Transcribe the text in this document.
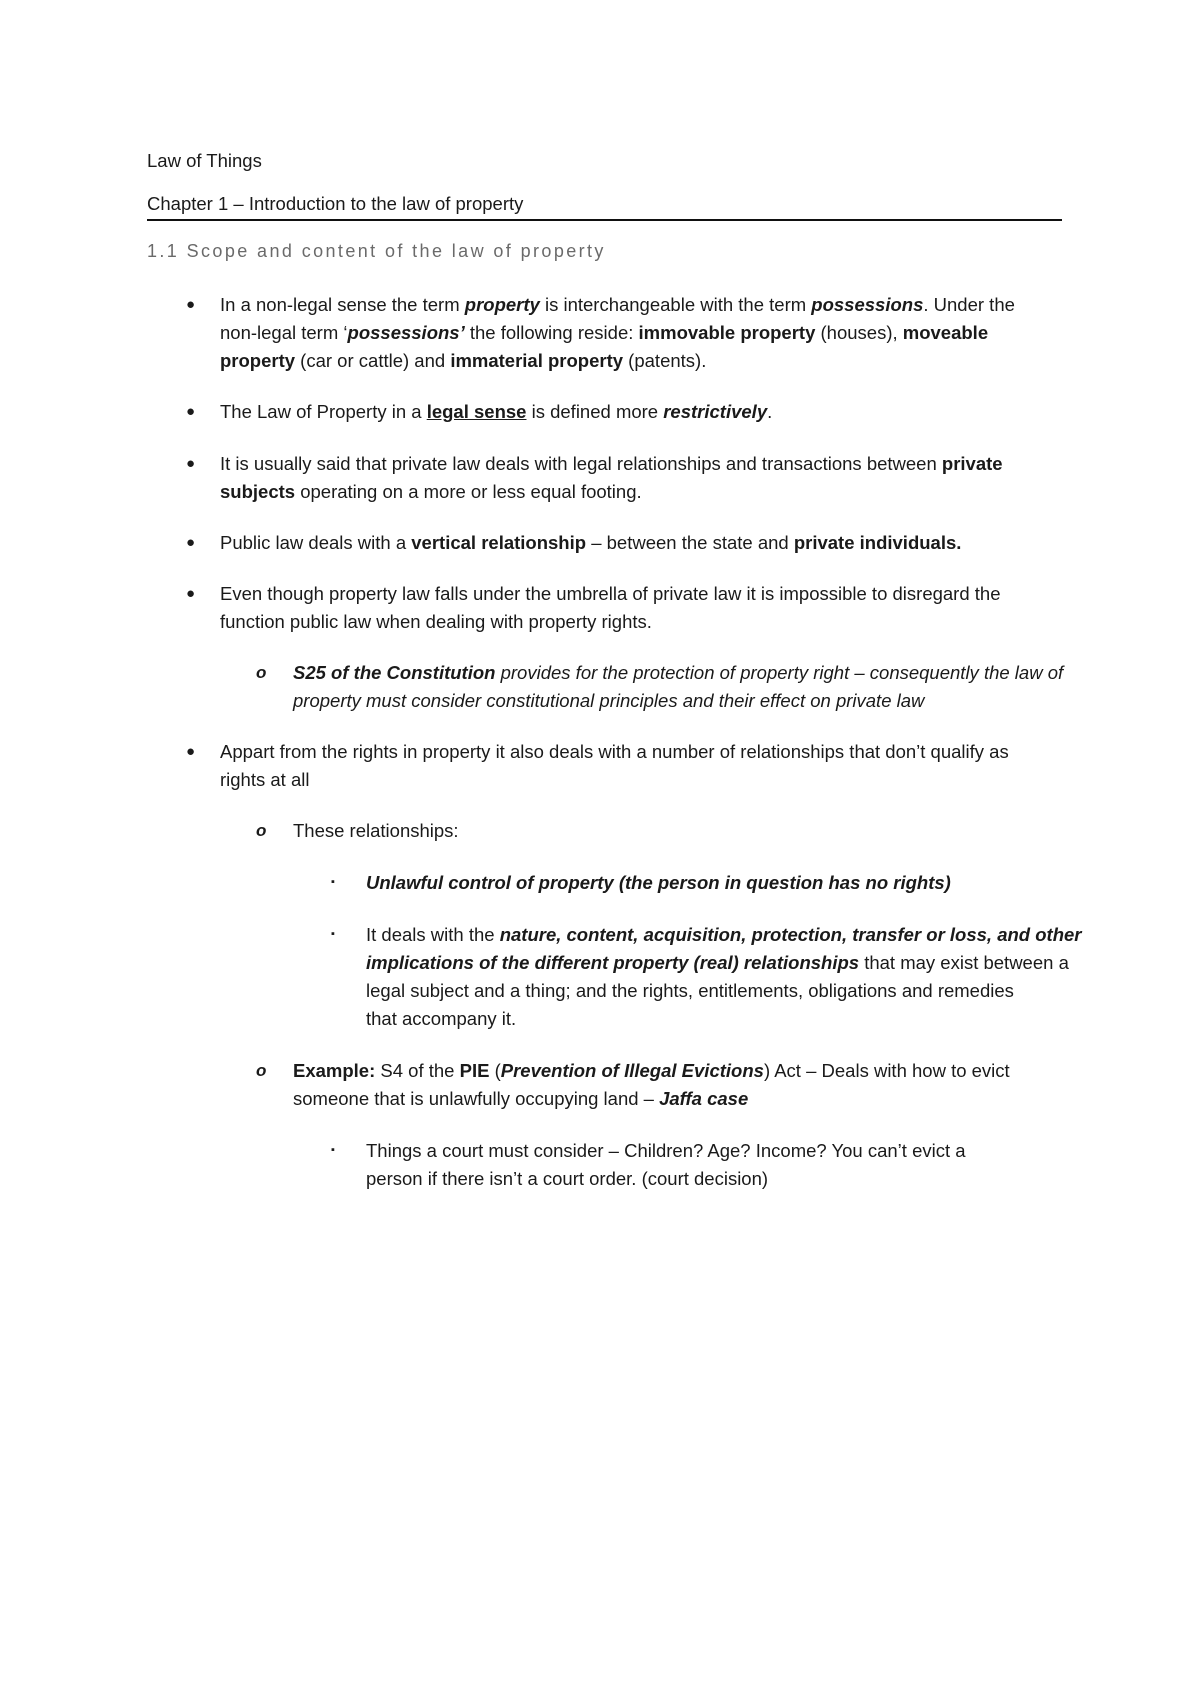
Law of Things
Chapter 1 – Introduction to the law of property
1.1 Scope and content of the law of property
● In a non-legal sense the term property is interchangeable with the term possessions. Under the
non-legal term ‘possessions’ the following reside: immovable property (houses), moveable
property (car or cattle) and immaterial property (patents).
● The Law of Property in a legal sense is defined more restrictively.
● It is usually said that private law deals with legal relationships and transactions between private
subjects operating on a more or less equal footing.
● Public law deals with a vertical relationship – between the state and private individuals.
● Even though property law falls under the umbrella of private law it is impossible to disregard the
function public law when dealing with property rights.
o S25 of the Constitution provides for the protection of property right – consequently the law of
property must consider constitutional principles and their effect on private law
● Appart from the rights in property it also deals with a number of relationships that don’t qualify as
rights at all
o These relationships:
▪ Unlawful control of property (the person in question has no rights)
▪ It deals with the nature, content, acquisition, protection, transfer or loss, and other
implications of the different property (real) relationships that may exist between a
legal subject and a thing; and the rights, entitlements, obligations and remedies
that accompany it.
o Example: S4 of the PIE (Prevention of Illegal Evictions) Act – Deals with how to evict
someone that is unlawfully occupying land – Jaffa case
▪ Things a court must consider – Children? Age? Income? You can’t evict a
person if there isn’t a court order. (court decision)
